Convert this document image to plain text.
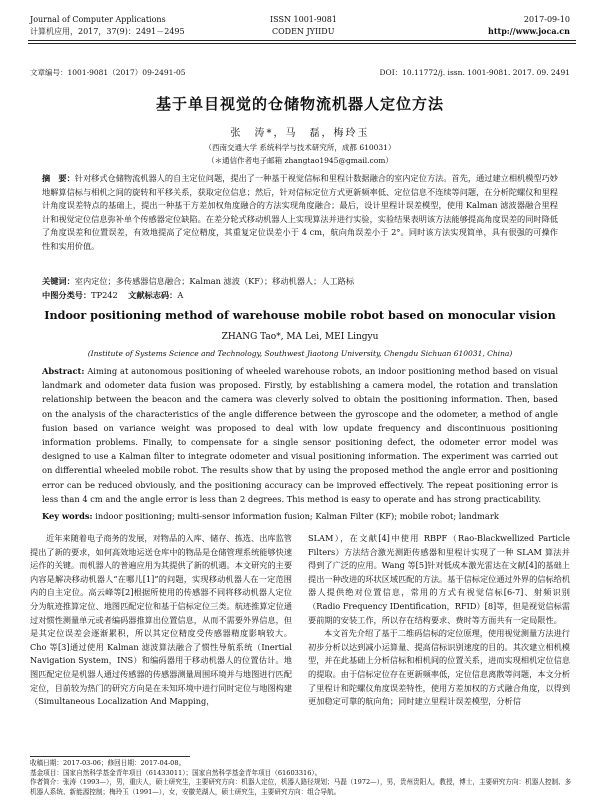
Journal of Computer Applications
计算机应用，2017，37(9)：2491－2495
ISSN 1001-9081
CODEN JYIIDU
2017-09-10
http://www.joca.cn
文章编号：1001-9081（2017）09-2491-05	DOI：10.11772/j. issn. 1001-9081. 2017. 09. 2491
基于单目视觉的仓储物流机器人定位方法
张　涛*，马　磊，梅玲玉
（西南交通大学 系统科学与技术研究所，成都 610031）
（＊通信作者电子邮箱 zhangtao1945@gmail.com）
摘　要：针对移式仓储物流机器人的自主定位问题，提出了一种基于视觉信标和里程计数据融合的室内定位方法。首先，通过建立相机模型巧妙地解算信标与相机之间的旋转和平移关系，获取定位信息；然后，针对信标定位方式更新频率低、定位信息不连续等问题，在分析陀螺仪和里程计角度误差特点的基础上，提出一种基于方差加权角度融合的方法实现角度融合；最后，设计里程计误差模型，使用 Kalman 滤波器融合里程计和视觉定位信息弥补单个传感器定位缺陷。在差分轮式移动机器人上实现算法并进行实验，实验结果表明该方法能够提高角度误差的同时降低了角度误差和位置误差，有效地提高了定位精度，其重复定位误差小于 4 cm，航向角误差小于 2°。同时该方法实现简单，具有很强的可操作性和实用价值。
关键词：室内定位；多传感器信息融合；Kalman 滤波（KF）；移动机器人；人工路标
中图分类号：TP242 文献标志码：A
Indoor positioning method of warehouse mobile robot based on monocular vision
ZHANG Tao*, MA Lei, MEI Lingyu
(Institute of Systems Science and Technology, Southwest Jiaotong University, Chengdu Sichuan 610031, China)
Abstract: Aiming at autonomous positioning of wheeled warehouse robots, an indoor positioning method based on visual landmark and odometer data fusion was proposed. Firstly, by establishing a camera model, the rotation and translation relationship between the beacon and the camera was cleverly solved to obtain the positioning information. Then, based on the analysis of the characteristics of the angle difference between the gyroscope and the odometer, a method of angle fusion based on variance weight was proposed to deal with low update frequency and discontinuous positioning information problems. Finally, to compensate for a single sensor positioning defect, the odometer error model was designed to use a Kalman filter to integrate odometer and visual positioning information. The experiment was carried out on differential wheeled mobile robot. The results show that by using the proposed method the angle error and positioning error can be reduced obviously, and the positioning accuracy can be improved effectively. The repeat positioning error is less than 4 cm and the angle error is less than 2 degrees. This method is easy to operate and has strong practicability.
Key words: indoor positioning; multi-sensor information fusion; Kalman Filter (KF); mobile robot; landmark
近年来随着电子商务的发展，对物品的入库、储存、拣选、出库监管提出了新的要求，如何高效地运送仓库中的物品是仓储管理系统能够快速运作的关键。而机器人的普遍应用为其提供了新的机遇。本文研究的主要内容是解决移动机器人“在哪儿[1]”的问题，实现移动机器人在一定范围内的自主定位。高云峰等[2]根据所使用的传感器不同将移动机器人定位分为航迹推算定位、地图匹配定位和基于信标定位三类。航迹推算定位通过对惯性测量单元或者编码器推算出位置信息，从而不需要外界信息，但是其定位误差会逐渐累积，所以其定位精度受传感器精度影响较大。Cho 等[3]通过使用 Kalman 滤波算法融合了惯性导航系统（Inertial Navigation System，INS）和编码器用于移动机器人的位置估计。地图匹配定位是机器人通过传感器的传感器测量周围环境并与地图进行匹配定位，目前较为热门的研究方向是在未知环境中进行同时定位与地图构建（Simultaneous Localization And Mapping，
SLAM），在文献[4]中使用 RBPF（Rao-Blackwellized Particle Filters）方法结合激光测距传感器和里程计实现了一种 SLAM 算法并得到了广泛的应用。Wang 等[5]针对低成本激光雷达在文献[4]的基础上提出一种改进的环状区域匹配的方法。基于信标定位通过外界的信标给机器人提供绝对位置信息，常用的方式有视觉信标[6-7]、射频识别（Radio Frequency IDentification，RFID）[8]等，但是视觉信标需要前期的安装工作，所以存在结构要求、费时等方面共有一定局限性。
本文首先介绍了基于二维码信标的定位原理，使用视觉测量方法进行初步分析以达到减小运算量、提高信标识别速度的目的。其次建立相机模型，并在此基础上分析信标和相机间的位置关系，进而实现相机定位信息的提取。由于信标定位存在更新频率低，定位信息离散等问题，本文分析了里程计和陀螺仪角度误差特性，使用方差加权的方式融合角度，以得到更加稳定可靠的航向角；同时建立里程计误差模型，分析信
收稿日期：2017-03-06；修回日期：2017-04-08。
基金项目：国家自然科学基金青年项目（61433011）；国家自然科学基金青年项目（61603316）。
作者简介：张涛（1993—），男，重庆人，硕士研究生，主要研究方向：机器人定位，机器人路径规划；马磊（1972—），男，贵州贵阳人，教授，博士，主要研究方向：机器人控制、多机器人系统、新能源控制；梅玲玉（1991—），女，安徽芜湖人，硕士研究生，主要研究方向：组合导航。
